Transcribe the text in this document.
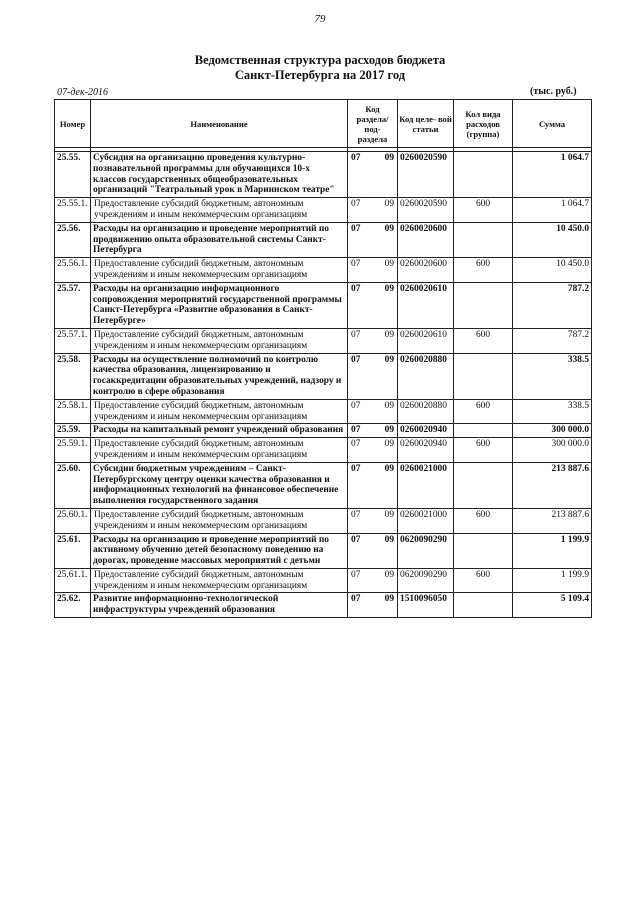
79
Ведомственная структура расходов бюджета
Санкт-Петербурга на 2017 год
07-дек-2016	(тыс. руб.)
Номер	Наименование	Код раздела/ под- раздела	Код целе- вой статьи	Кол вида расходов (группа)	Сумма

25.55.	Субсидия на организацию проведения культурно-познавательной программы для обучающихся 10-х классов государственных общеобразовательных организаций "Театральный урок в Мариинском театре"	07 09	0260020590		1 064.7
25.55.1.	Предоставление субсидий бюджетным, автономным учреждениям и иным некоммерческим организациям	07 09	0260020590	600	1 064.7
25.56.	Расходы на организацию и проведение мероприятий по продвижению опыта образовательной системы Санкт-Петербурга	07 09	0260020600		10 450.0
25.56.1.	Предоставление субсидий бюджетным, автономным учреждениям и иным некоммерческим организациям	07 09	0260020600	600	10 450.0
25.57.	Расходы на организацию информационного сопровождения мероприятий государственной программы Санкт-Петербурга «Развитие образования в Санкт-Петербурге»	07 09	0260020610		787.2
25.57.1.	Предоставление субсидий бюджетным, автономным учреждениям и иным некоммерческим организациям	07 09	0260020610	600	787.2
25.58.	Расходы на осуществление полномочий по контролю качества образования, лицензированию и госаккредитации образовательных учреждений, надзору и контролю в сфере образования	07 09	0260020880		338.5
25.58.1.	Предоставление субсидий бюджетным, автономным учреждениям и иным некоммерческим организациям	07 09	0260020880	600	338.5
25.59.	Расходы на капитальный ремонт учреждений образования	07 09	0260020940		300 000.0
25.59.1.	Предоставление субсидий бюджетным, автономным учреждениям и иным некоммерческим организациям	07 09	0260020940	600	300 000.0
25.60.	Субсидии бюджетным учреждениям – Санкт-Петербургскому центру оценки качества образования и информационных технологий на финансовое обеспечение выполнения государственного задания	07 09	0260021000		213 887.6
25.60.1.	Предоставление субсидий бюджетным, автономным учреждениям и иным некоммерческим организациям	07 09	0260021000	600	213 887.6
25.61.	Расходы на организацию и проведение мероприятий по активному обучению детей безопасному поведению на дорогах, проведение массовых мероприятий с детьми	07 09	0620090290		1 199.9
25.61.1.	Предоставление субсидий бюджетным, автономным учреждениям и иным некоммерческим организациям	07 09	0620090290	600	1 199.9
25.62.	Развитие информационно-технологической инфраструктуры учреждений образования	07 09	1510096050		5 109.4
